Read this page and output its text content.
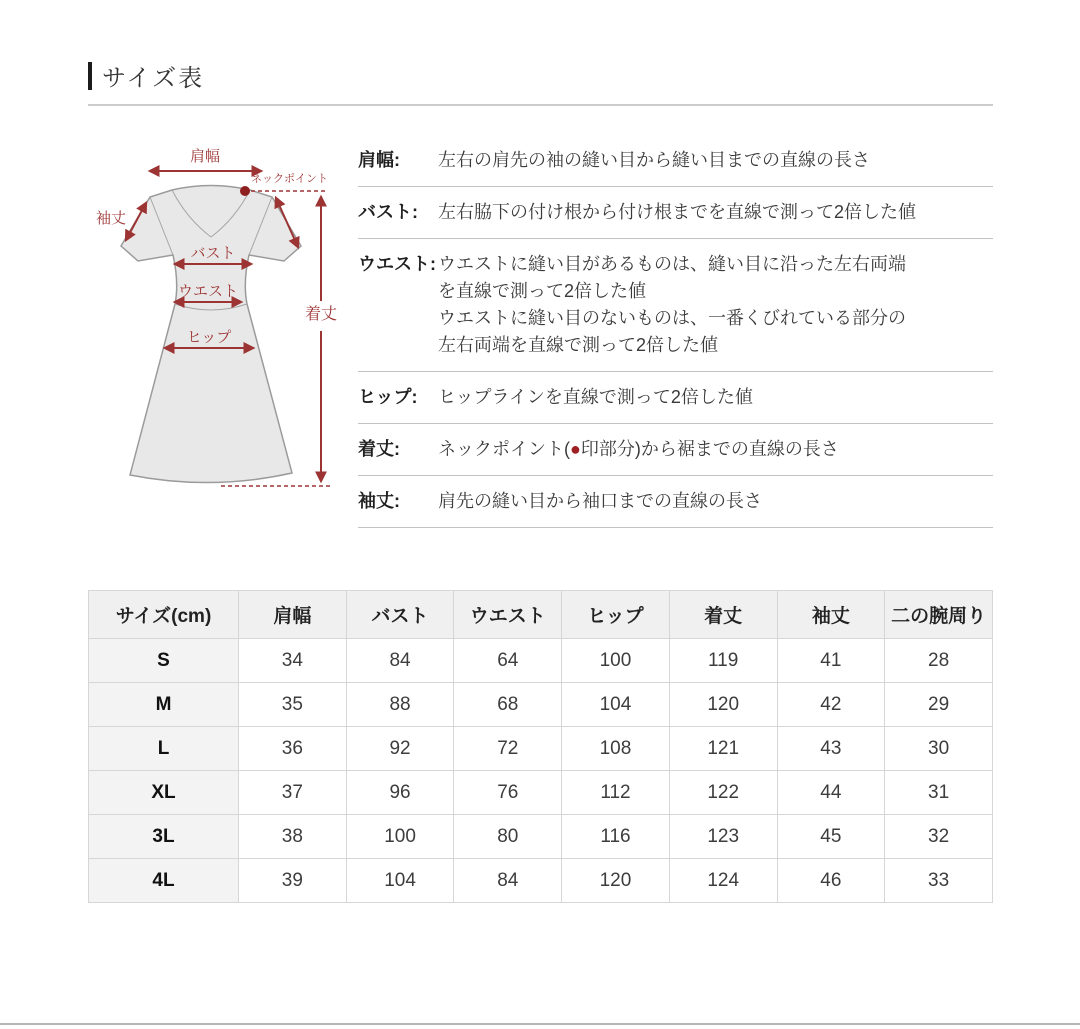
サイズ表
肩幅
ネックポイント
袖丈
バスト
ウエスト
ヒップ
着丈
肩幅:	左右の肩先の袖の縫い目から縫い目までの直線の長さ
バスト:	左右脇下の付け根から付け根までを直線で測って2倍した値
ウエスト: ウエストに縫い目があるものは、縫い目に沿った左右両端
を直線で測って2倍した値
ウエストに縫い目のないものは、一番くびれている部分の
左右両端を直線で測って2倍した値
ヒップ:	ヒップラインを直線で測って2倍した値
着丈:	ネックポイント(●印部分)から裾までの直線の長さ
袖丈:	肩先の縫い目から袖口までの直線の長さ
サイズ(cm)	肩幅	バスト	ウエスト	ヒップ	着丈	袖丈	二の腕周り
S	34	84	64	100	119	41	28
M	35	88	68	104	120	42	29
L	36	92	72	108	121	43	30
XL	37	96	76	112	122	44	31
3L	38	100	80	116	123	45	32
4L	39	104	84	120	124	46	33
